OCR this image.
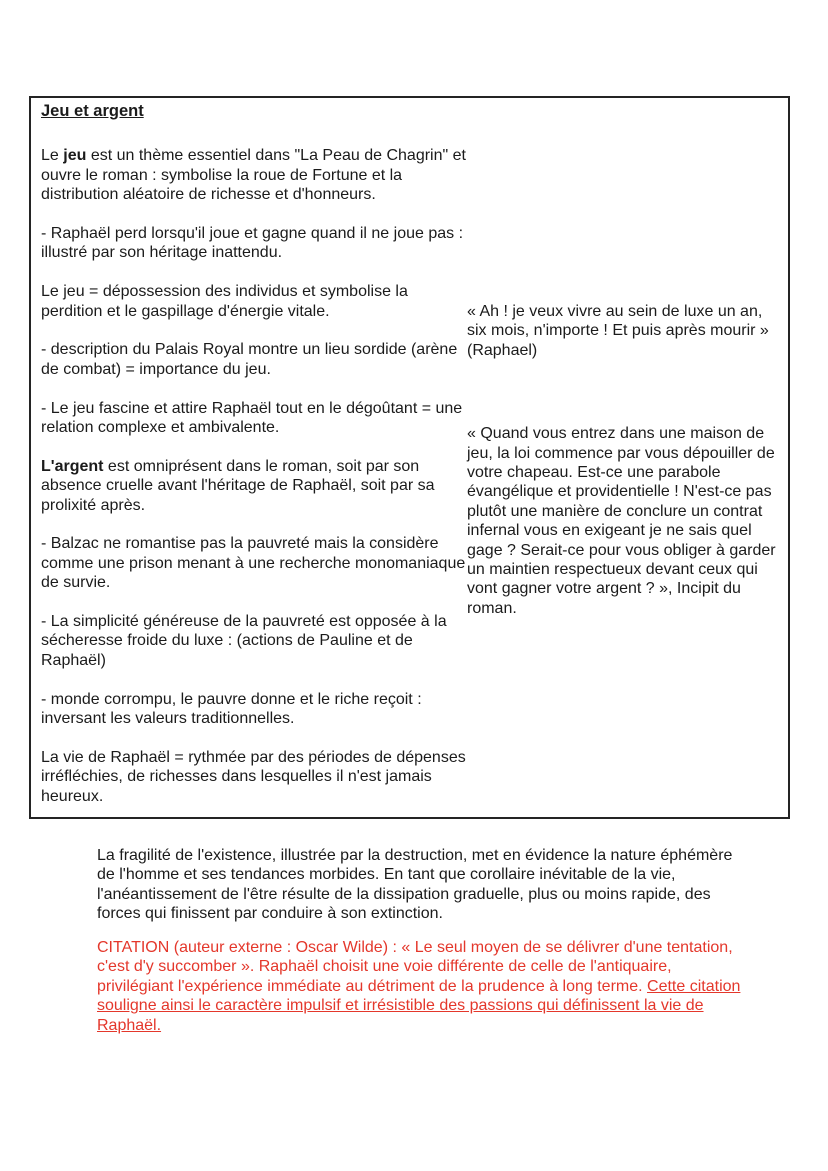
Jeu et argent

Le jeu est un thème essentiel dans "La Peau de Chagrin" et ouvre le roman : symbolise la roue de Fortune et la distribution aléatoire de richesse et d'honneurs.

- Raphaël perd lorsqu'il joue et gagne quand il ne joue pas : illustré par son héritage inattendu.

Le jeu = dépossession des individus et symbolise la perdition et le gaspillage d'énergie vitale.

- description du Palais Royal montre un lieu sordide (arène de combat) = importance du jeu.

- Le jeu fascine et attire Raphaël tout en le dégoûtant = une relation complexe et ambivalente.

L'argent est omniprésent dans le roman, soit par son absence cruelle avant l'héritage de Raphaël, soit par sa prolixité après.

- Balzac ne romantise pas la pauvreté mais la considère comme une prison menant à une recherche monomaniaque de survie.

- La simplicité généreuse de la pauvreté est opposée à la sécheresse froide du luxe : (actions de Pauline et de Raphaël)

- monde corrompu, le pauvre donne et le riche reçoit : inversant les valeurs traditionnelles.

La vie de Raphaël = rythmée par des périodes de dépenses irréfléchies, de richesses dans lesquelles il n'est jamais heureux.

« Ah ! je veux vivre au sein de luxe un an, six mois, n'importe ! Et puis après mourir » (Raphael)

« Quand vous entrez dans une maison de jeu, la loi commence par vous dépouiller de votre chapeau. Est-ce une parabole évangélique et providentielle ! N'est-ce pas plutôt une manière de conclure un contrat infernal vous en exigeant je ne sais quel gage ? Serait-ce pour vous obliger à garder un maintien respectueux devant ceux qui vont gagner votre argent ? », Incipit du roman.

La fragilité de l'existence, illustrée par la destruction, met en évidence la nature éphémère de l'homme et ses tendances morbides. En tant que corollaire inévitable de la vie, l'anéantissement de l'être résulte de la dissipation graduelle, plus ou moins rapide, des forces qui finissent par conduire à son extinction.

CITATION (auteur externe : Oscar Wilde) : « Le seul moyen de se délivrer d'une tentation, c'est d'y succomber ». Raphaël choisit une voie différente de celle de l'antiquaire, privilégiant l'expérience immédiate au détriment de la prudence à long terme. Cette citation souligne ainsi le caractère impulsif et irrésistible des passions qui définissent la vie de Raphaël.
